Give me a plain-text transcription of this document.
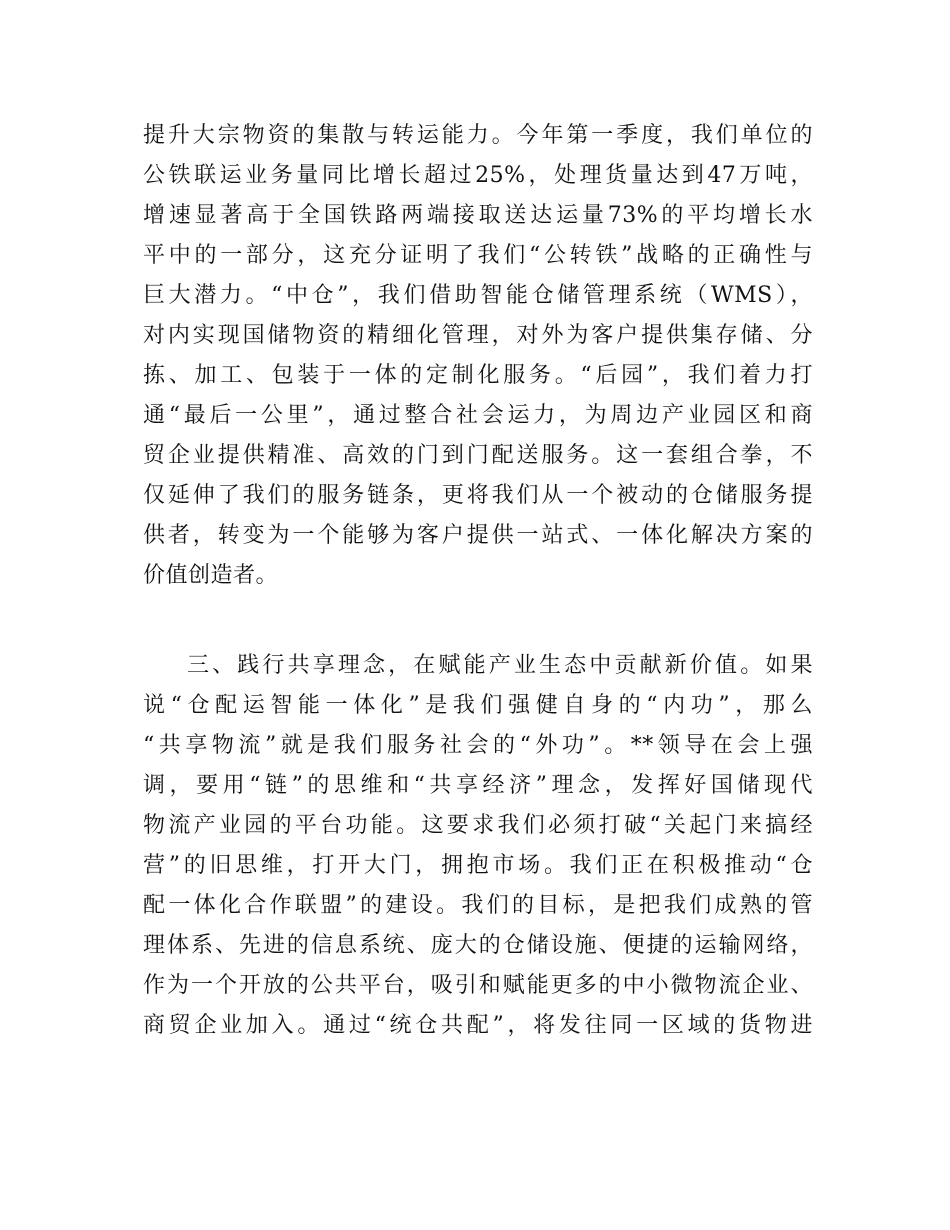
提升大宗物资的集散与转运能力。今年第一季度，我们单位的
公铁联运业务量同比增长超过25%，处理货量达到47万吨，
增速显著高于全国铁路两端接取送达运量73%的平均增长水
平中的一部分，这充分证明了我们“公转铁”战略的正确性与
巨大潜力。“中仓”，我们借助智能仓储管理系统（WMS），
对内实现国储物资的精细化管理，对外为客户提供集存储、分
拣、加工、包装于一体的定制化服务。“后园”，我们着力打
通“最后一公里”，通过整合社会运力，为周边产业园区和商
贸企业提供精准、高效的门到门配送服务。这一套组合拳，不
仅延伸了我们的服务链条，更将我们从一个被动的仓储服务提
供者，转变为一个能够为客户提供一站式、一体化解决方案的
价值创造者。
三、践行共享理念，在赋能产业生态中贡献新价值。如果
说“仓配运智能一体化”是我们强健自身的“内功”，那么
“共享物流”就是我们服务社会的“外功”。**领导在会上强
调，要用“链”的思维和“共享经济”理念，发挥好国储现代
物流产业园的平台功能。这要求我们必须打破“关起门来搞经
营”的旧思维，打开大门，拥抱市场。我们正在积极推动“仓
配一体化合作联盟”的建设。我们的目标，是把我们成熟的管
理体系、先进的信息系统、庞大的仓储设施、便捷的运输网络，
作为一个开放的公共平台，吸引和赋能更多的中小微物流企业、
商贸企业加入。通过“统仓共配”，将发往同一区域的货物进
